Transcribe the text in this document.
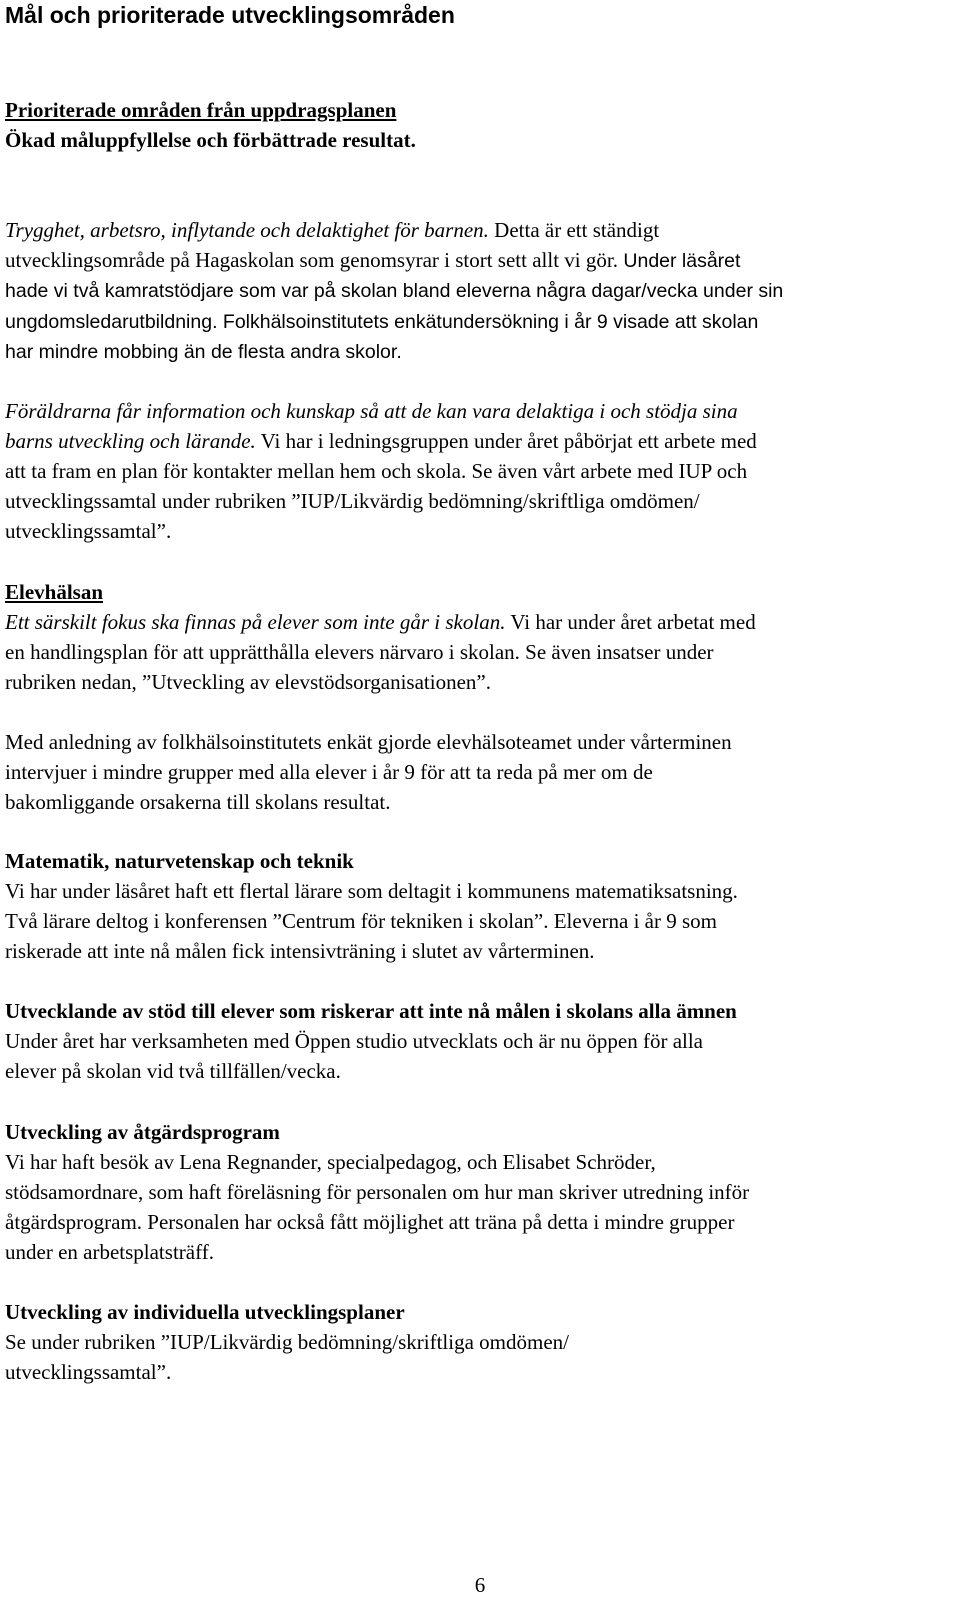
Mål och prioriterade utvecklingsområden
Prioriterade områden från uppdragsplanen
Ökad måluppfyllelse och förbättrade resultat.
Trygghet, arbetsro, inflytande och delaktighet för barnen. Detta är ett ständigt
utvecklingsområde på Hagaskolan som genomsyrar i stort sett allt vi gör. Under läsåret
hade vi två kamratstödjare som var på skolan bland eleverna några dagar/vecka under sin
ungdomsledarutbildning. Folkhälsoinstitutets enkätundersökning i år 9 visade att skolan
har mindre mobbing än de flesta andra skolor.
Föräldrarna får information och kunskap så att de kan vara delaktiga i och stödja sina
barns utveckling och lärande. Vi har i ledningsgruppen under året påbörjat ett arbete med
att ta fram en plan för kontakter mellan hem och skola. Se även vårt arbete med IUP och
utvecklingssamtal under rubriken ”IUP/Likvärdig bedömning/skriftliga omdömen/
utvecklingssamtal”.
Elevhälsan
Ett särskilt fokus ska finnas på elever som inte går i skolan. Vi har under året arbetat med
en handlingsplan för att upprätthålla elevers närvaro i skolan. Se även insatser under
rubriken nedan, ”Utveckling av elevstödsorganisationen”.
Med anledning av folkhälsoinstitutets enkät gjorde elevhälsoteamet under vårterminen
intervjuer i mindre grupper med alla elever i år 9 för att ta reda på mer om de
bakomliggande orsakerna till skolans resultat.
Matematik, naturvetenskap och teknik
Vi har under läsåret haft ett flertal lärare som deltagit i kommunens matematiksatsning.
Två lärare deltog i konferensen ”Centrum för tekniken i skolan”. Eleverna i år 9 som
riskerade att inte nå målen fick intensivträning i slutet av vårterminen.
Utvecklande av stöd till elever som riskerar att inte nå målen i skolans alla ämnen
Under året har verksamheten med Öppen studio utvecklats och är nu öppen för alla
elever på skolan vid två tillfällen/vecka.
Utveckling av åtgärdsprogram
Vi har haft besök av Lena Regnander, specialpedagog, och Elisabet Schröder,
stödsamordnare, som haft föreläsning för personalen om hur man skriver utredning inför
åtgärdsprogram. Personalen har också fått möjlighet att träna på detta i mindre grupper
under en arbetsplatsträff.
Utveckling av individuella utvecklingsplaner
Se under rubriken ”IUP/Likvärdig bedömning/skriftliga omdömen/
utvecklingssamtal”.
6
